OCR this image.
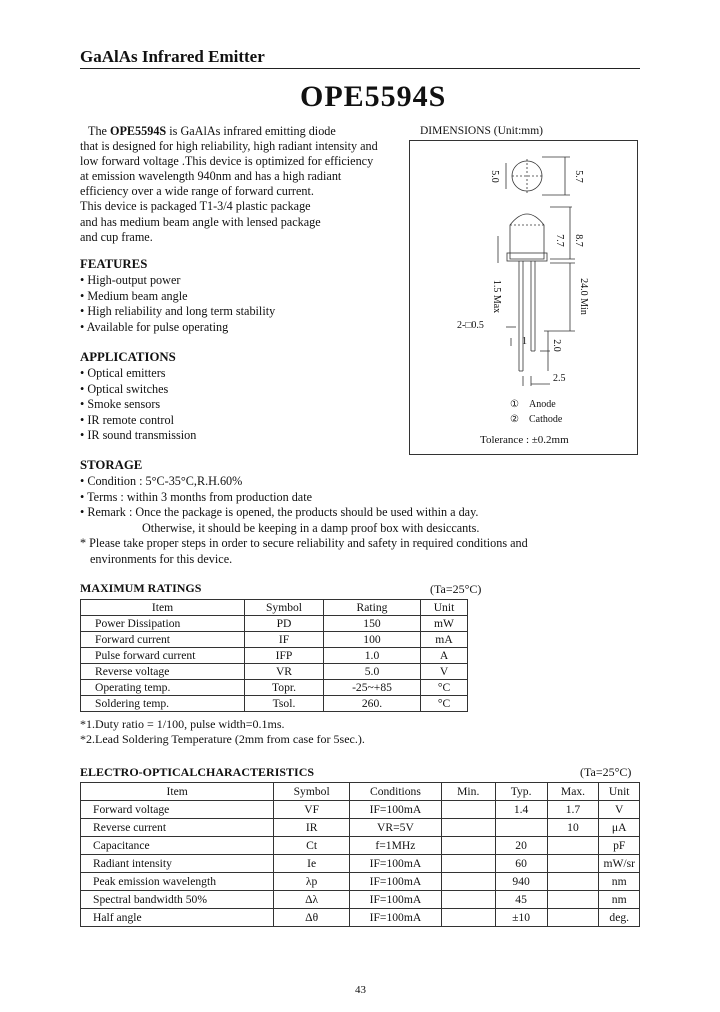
GaAlAs Infrared Emitter
OPE5594S
The OPE5594S is GaAlAs infrared emitting diode
that is designed for high reliability, high radiant intensity and
low forward voltage .This device is optimized for efficiency
at emission wavelength 940nm and has a high radiant
efficiency over a wide range of forward current.
This device is packaged T1-3/4 plastic package
and has medium beam angle with lensed package
and cup frame.
FEATURES
• High-output power
• Medium beam angle
• High reliability and long term stability
• Available for pulse operating
APPLICATIONS
• Optical emitters
• Optical switches
• Smoke sensors
• IR remote control
• IR sound transmission
STORAGE
• Condition : 5°C-35°C,R.H.60%
• Terms : within 3 months from production date
• Remark : Once the package is opened, the products should be used within a day.
Otherwise, it should be keeping in a damp proof box with desiccants.
* Please take proper steps in order to secure reliability and safety in required conditions and
environments for this device.
DIMENSIONS (Unit:mm)
5.0	5.7
7.7 8.7
1.5 Max	24.0 Min
2-□0.5
1 2.0
2.5
① Anode
② Cathode
Tolerance : ±0.2mm
MAXIMUM RATINGS	(Ta=25°C)
Item	Symbol	Rating	Unit
Power Dissipation	PD	150	mW
Forward current	IF	100	mA
Pulse forward current	IFP	1.0	A
Reverse voltage	VR	5.0	V
Operating temp.	Topr.	-25~+85	°C
Soldering temp.	Tsol.	260.	°C
*1.Duty ratio = 1/100, pulse width=0.1ms.
*2.Lead Soldering Temperature (2mm from case for 5sec.).
ELECTRO-OPTICALCHARACTERISTICS	(Ta=25°C)
Item	Symbol	Conditions	Min.	Typ.	Max.	Unit
Forward voltage	VF	IF=100mA		1.4	1.7	V
Reverse current	IR	VR=5V			10	μA
Capacitance	Ct	f=1MHz		20		pF
Radiant intensity	Ie	IF=100mA		60		mW/sr
Peak emission wavelength	λp	IF=100mA		940		nm
Spectral bandwidth 50%	Δλ	IF=100mA		45		nm
Half angle	Δθ	IF=100mA		±10		deg.
43
